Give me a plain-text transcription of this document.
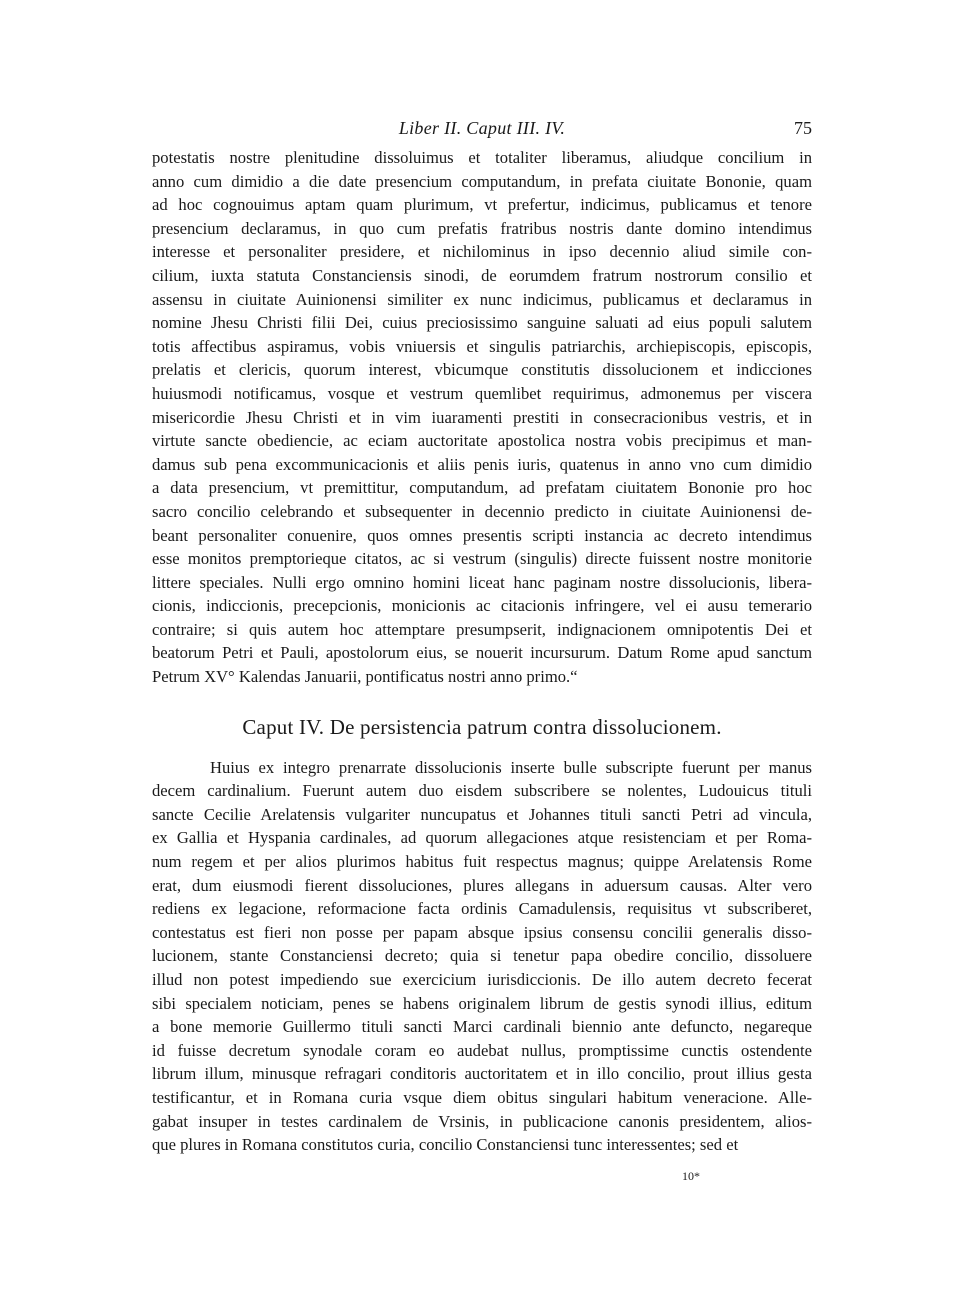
Liber II. Caput III. IV.	75
potestatis nostre plenitudine dissoluimus et totaliter liberamus, aliudque concilium in
anno cum dimidio a die date presencium computandum, in prefata ciuitate Bononie, quam
ad hoc cognouimus aptam quam plurimum, vt prefertur, indicimus, publicamus et tenore
presencium declaramus, in quo cum prefatis fratribus nostris dante domino intendimus
interesse et personaliter presidere, et nichilominus in ipso decennio aliud simile con-
cilium, iuxta statuta Constanciensis sinodi, de eorumdem fratrum nostrorum consilio et
assensu in ciuitate Auinionensi similiter ex nunc indicimus, publicamus et declaramus in
nomine Jhesu Christi filii Dei, cuius preciosissimo sanguine saluati ad eius populi salutem
totis affectibus aspiramus, vobis vniuersis et singulis patriarchis, archiepiscopis, episcopis,
prelatis et clericis, quorum interest, vbicumque constitutis dissolucionem et indicciones
huiusmodi notificamus, vosque et vestrum quemlibet requirimus, admonemus per viscera
misericordie Jhesu Christi et in vim iuaramenti prestiti in consecracionibus vestris, et in
virtute sancte obediencie, ac eciam auctoritate apostolica nostra vobis precipimus et man-
damus sub pena excommunicacionis et aliis penis iuris, quatenus in anno vno cum dimidio
a data presencium, vt premittitur, computandum, ad prefatam ciuitatem Bononie pro hoc
sacro concilio celebrando et subsequenter in decennio predicto in ciuitate Auinionensi de-
beant personaliter conuenire, quos omnes presentis scripti instancia ac decreto intendimus
esse monitos premptorieque citatos, ac si vestrum (singulis) directe fuissent nostre monitorie
littere speciales. Nulli ergo omnino homini liceat hanc paginam nostre dissolucionis, libera-
cionis, indiccionis, precepcionis, monicionis ac citacionis infringere, vel ei ausu temerario
contraire; si quis autem hoc attemptare presumpserit, indignacionem omnipotentis Dei et
beatorum Petri et Pauli, apostolorum eius, se nouerit incursurum. Datum Rome apud sanctum
Petrum XV° Kalendas Januarii, pontificatus nostri anno primo.“
Caput IV. De persistencia patrum contra dissolucionem.
Huius ex integro prenarrate dissolucionis inserte bulle subscripte fuerunt per manus
decem cardinalium. Fuerunt autem duo eisdem subscribere se nolentes, Ludouicus tituli
sancte Cecilie Arelatensis vulgariter nuncupatus et Johannes tituli sancti Petri ad vincula,
ex Gallia et Hyspania cardinales, ad quorum allegaciones atque resistenciam et per Roma-
num regem et per alios plurimos habitus fuit respectus magnus; quippe Arelatensis Rome
erat, dum eiusmodi fierent dissoluciones, plures allegans in aduersum causas. Alter vero
rediens ex legacione, reformacione facta ordinis Camadulensis, requisitus vt subscriberet,
contestatus est fieri non posse per papam absque ipsius consensu concilii generalis disso-
lucionem, stante Constanciensi decreto; quia si tenetur papa obedire concilio, dissoluere
illud non potest impediendo sue exercicium iurisdiccionis. De illo autem decreto fecerat
sibi specialem noticiam, penes se habens originalem librum de gestis synodi illius, editum
a bone memorie Guillermo tituli sancti Marci cardinali biennio ante defuncto, negareque
id fuisse decretum synodale coram eo audebat nullus, promptissime cunctis ostendente
librum illum, minusque refragari conditoris auctoritatem et in illo concilio, prout illius gesta
testificantur, et in Romana curia vsque diem obitus singulari habitum veneracione. Alle-
gabat insuper in testes cardinalem de Vrsinis, in publicacione canonis presidentem, alios-
que plures in Romana constitutos curia, concilio Constanciensi tunc interessentes; sed et
10*
